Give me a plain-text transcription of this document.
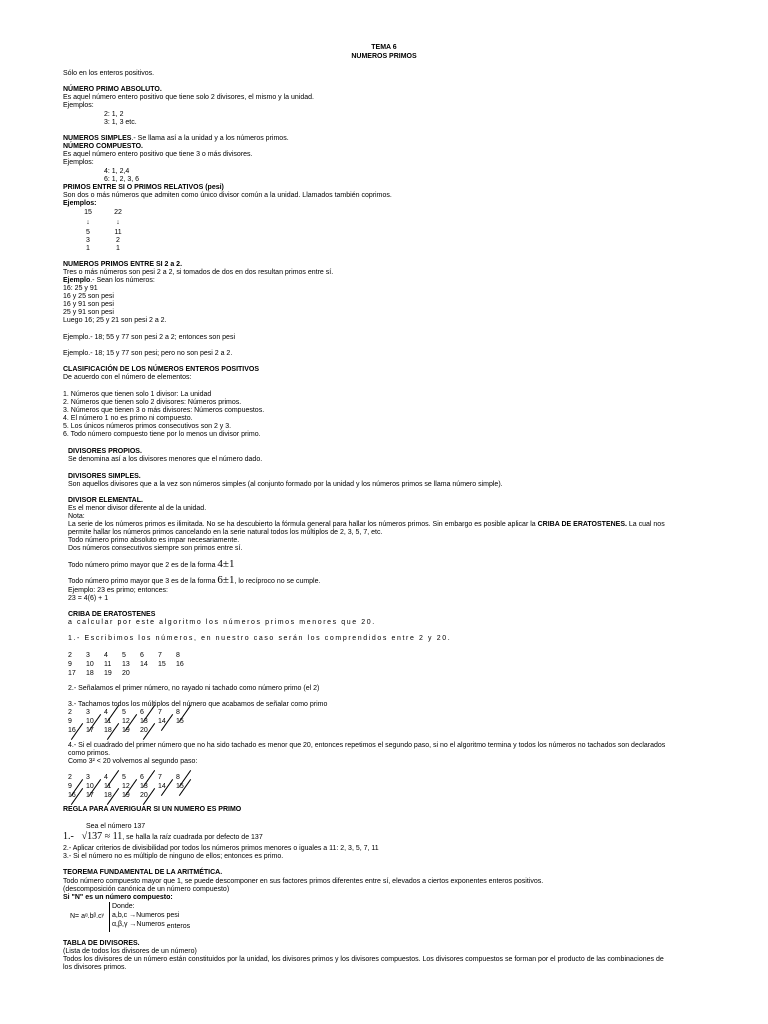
TEMA 6
NUMEROS PRIMOS
Sólo en los enteros positivos.
NÚMERO PRIMO ABSOLUTO.
Es aquel número entero positivo que tiene solo 2 divisores, el mismo y la unidad.
Ejemplos:
2: 1, 2
3: 1, 3 etc.
NUMEROS SIMPLES.- Se llama así a la unidad y a los números primos.
NÚMERO COMPUESTO.
Es aquel número entero positivo que tiene 3 o más divisores.
Ejemplos:
4: 1, 2,4
6: 1, 2, 3, 6
PRIMOS ENTRE SI O PRIMOS RELATIVOS (pesi)
Son dos o más números que admiten como único divisor común a la unidad. Llamados también coprimos.
Ejemplos:
15
↓
5
3
1
22
↓
11
2
1
NUMEROS PRIMOS ENTRE SI 2 a 2.
Tres o más números son pesi 2 a 2, si tomados de dos en dos resultan primos entre sí.
Ejemplo.- Sean los números:
16: 25 y 91
16 y 25 son pesi
16 y 91 son pesi
25 y 91 son pesi
Luego 16; 25 y 21 son pesi 2 a 2.
Ejemplo.- 18; 55 y 77 son pesi 2 a 2; entonces son pesi
Ejemplo.- 18; 15 y 77 son pesi; pero no son pesi 2 a 2.
CLASIFICACIÓN DE LOS NÚMEROS ENTEROS POSITIVOS
De acuerdo con el número de elementos:
1. Números que tienen solo 1 divisor: La unidad
2. Números que tienen solo 2 divisores: Números primos.
3. Números que tienen 3 o más divisores: Números compuestos.
4. El número 1 no es primo ni compuesto.
5. Los únicos números primos consecutivos son 2 y 3.
6. Todo número compuesto tiene por lo menos un divisor primo.
DIVISORES PROPIOS.
Se denomina así a los divisores menores que el número dado.
DIVISORES SIMPLES.
Son aquellos divisores que a la vez son números simples (al conjunto formado por la unidad y los números primos se llama número simple).
DIVISOR ELEMENTAL.
Es el menor divisor diferente al de la unidad.
Nota:
La serie de los números primos es ilimitada. No se ha descubierto la fórmula general para hallar los números primos. Sin embargo es posible aplicar la CRIBA DE ERATOSTENES. La cual nos
permite hallar los números primos cancelando en la serie natural todos los múltiplos de 2, 3, 5, 7, etc.
Todo número primo absoluto es impar necesariamente.
Dos números consecutivos siempre son primos entre sí.
Todo número primo mayor que 2 es de la forma 4±1
Todo número primo mayor que 3 es de la forma 6±1, lo recíproco no se cumple.
Ejemplo: 23 es primo; entonces:
23 = 4(6) + 1
CRIBA DE ERATOSTENES
a calcular por este algoritmo los números primos menores que 20.
1.- Escribimos los números, en nuestro caso serán los comprendidos entre 2 y 20.
2 3 4 5 6 7 8
9 10 11 13 14 15 16
17 18 19 20
2.- Señalamos el primer número, no rayado ni tachado como número primo (el 2)
3.- Tachamos todos los múltiplos del número que acabamos de señalar como primo
2 3 4 5 6 7 8
9 10 11 12 13 14 15
16 17 18 19 20
4.- Si el cuadrado del primer número que no ha sido tachado es menor que 20, entonces repetimos el segundo paso, si no el algoritmo termina y todos los números no tachados son declarados
como primos.
Como 3² < 20 volvemos al segundo paso:
2 3 4 5 6 7 8
9 10 11 12 13 14 15
16 17 18 19 20
REGLA PARA AVERIGUAR SI UN NUMERO ES PRIMO
Sea el número 137
1.- √137 ≈ 11, se halla la raíz cuadrada por defecto de 137
2.- Aplicar criterios de divisibilidad por todos los números primos menores o iguales a 11: 2, 3, 5, 7, 11
3.- Si el número no es múltiplo de ninguno de ellos; entonces es primo.
TEOREMA FUNDAMENTAL DE LA ARITMÉTICA.
Todo número compuesto mayor que 1, se puede descomponer en sus factores primos diferentes entre sí, elevados a ciertos exponentes enteros positivos.
(descomposición canónica de un número compuesto)
Si "N" es un número compuesto:
N= aᵅ.bᵝ.cᵞ
Donde:
a,b,c →Numeros pesi
α,β,γ →Numeros enteros
TABLA DE DIVISORES.
(Lista de todos los divisores de un número)
Todos los divisores de un número están constituidos por la unidad, los divisores primos y los divisores compuestos. Los divisores compuestos se forman por el producto de las combinaciones de
los divisores primos.
